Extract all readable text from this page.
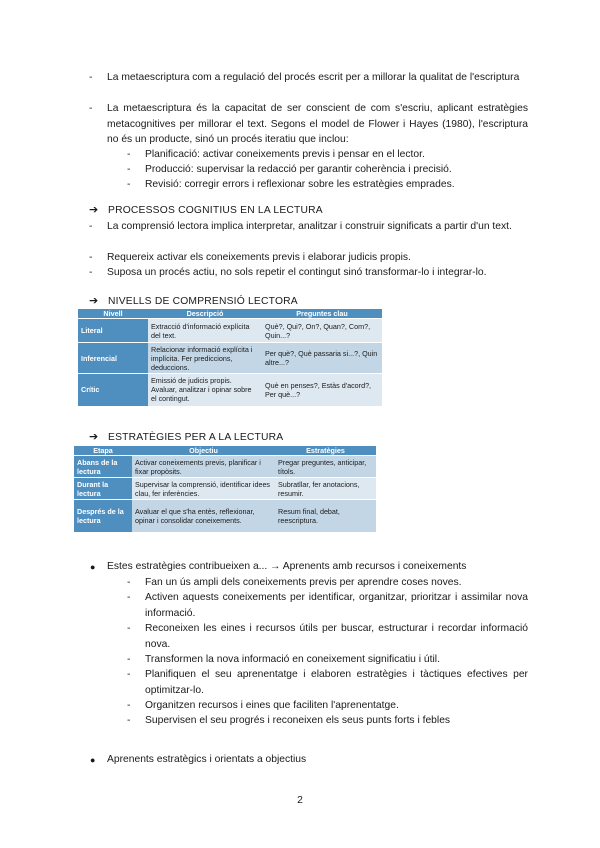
- La metaescriptura com a regulació del procés escrit per a millorar la qualitat de l'escriptura
- La metaescriptura és la capacitat de ser conscient de com s'escriu, aplicant estratègies metacognitives per millorar el text. Segons el model de Flower i Hayes (1980), l'escriptura no és un producte, sinó un procés iteratiu que inclou:
- Planificació: activar coneixements previs i pensar en el lector.
- Producció: supervisar la redacció per garantir coherència i precisió.
- Revisió: corregir errors i reflexionar sobre les estratègies emprades.
➔ PROCESSOS COGNITIUS EN LA LECTURA
- La comprensió lectora implica interpretar, analitzar i construir significats a partir d'un text.
- Requereix activar els coneixements previs i elaborar judicis propis.
- Suposa un procés actiu, no sols repetir el contingut sinó transformar-lo i integrar-lo.
➔ NIVELLS DE COMPRENSIÓ LECTORA
Nivell	Descripció	Preguntes clau
Literal	Extracció d'informació explícita del text.	Què?, Qui?, On?, Quan?, Com?, Quin...?
Inferencial	Relacionar informació explícita i implícita. Fer prediccions, deduccions.	Per què?, Què passaria si...?, Quin altre...?
Crític	Emissió de judicis propis. Avaluar, analitzar i opinar sobre el contingut.	Què en penses?, Estàs d'acord?, Per què...?
➔ ESTRATÈGIES PER A LA LECTURA
Etapa	Objectiu	Estratègies
Abans de la lectura	Activar coneixements previs, planificar i fixar propòsits.	Pregar preguntes, anticipar, títols.
Durant la lectura	Supervisar la comprensió, identificar idees clau, fer inferències.	Subratllar, fer anotacions, resumir.
Després de la lectura	Avaluar el que s'ha entès, reflexionar, opinar i consolidar coneixements.	Resum final, debat, reescriptura.
● Estes estratègies contribueixen a... → Aprenents amb recursos i coneixements
- Fan un ús ampli dels coneixements previs per aprendre coses noves.
- Activen aquests coneixements per identificar, organitzar, prioritzar i assimilar nova informació.
- Reconeixen les eines i recursos útils per buscar, estructurar i recordar informació nova.
- Transformen la nova informació en coneixement significatiu i útil.
- Planifiquen el seu aprenentatge i elaboren estratègies i tàctiques efectives per optimitzar-lo.
- Organitzen recursos i eines que faciliten l'aprenentatge.
- Supervisen el seu progrés i reconeixen els seus punts forts i febles
● Aprenents estratègics i orientats a objectius
2
